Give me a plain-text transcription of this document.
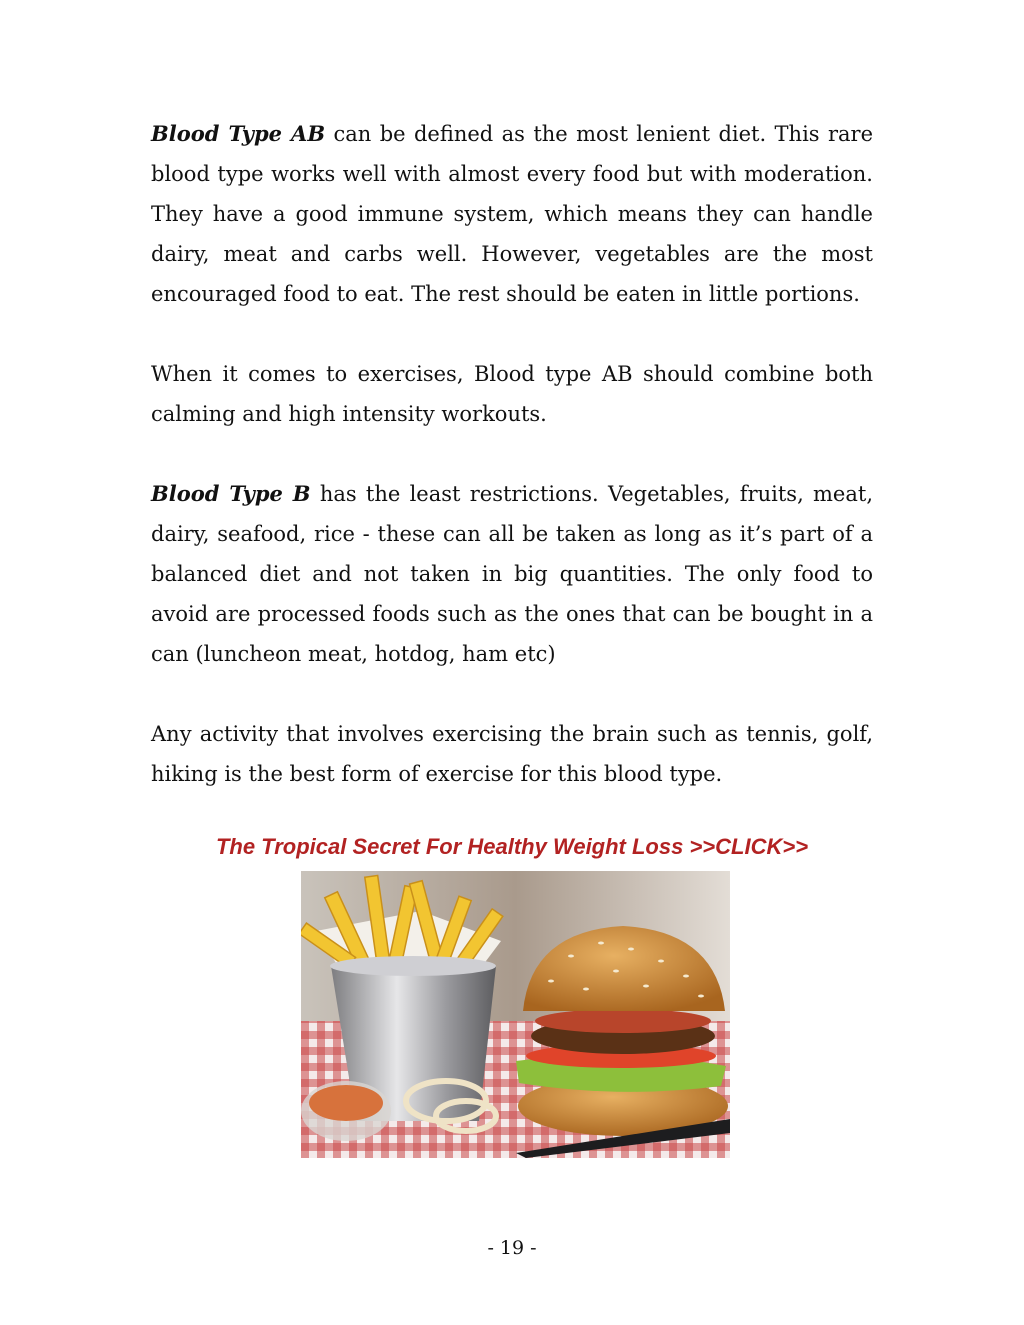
Blood Type AB can be defined as the most lenient diet. This rare blood type works well with almost every food but with moderation. They have a good immune system, which means they can handle dairy, meat and carbs well. However, vegetables are the most encouraged food to eat. The rest should be eaten in little portions.

When it comes to exercises, Blood type AB should combine both calming and high intensity workouts.

Blood Type B has the least restrictions. Vegetables, fruits, meat, dairy, seafood, rice - these can all be taken as long as it’s part of a balanced diet and not taken in big quantities. The only food to avoid are processed foods such as the ones that can be bought in a can (luncheon meat, hotdog, ham etc)

Any activity that involves exercising the brain such as tennis, golf, hiking is the best form of exercise for this blood type.

The Tropical Secret For Healthy Weight Loss >>CLICK>>

- 19 -
